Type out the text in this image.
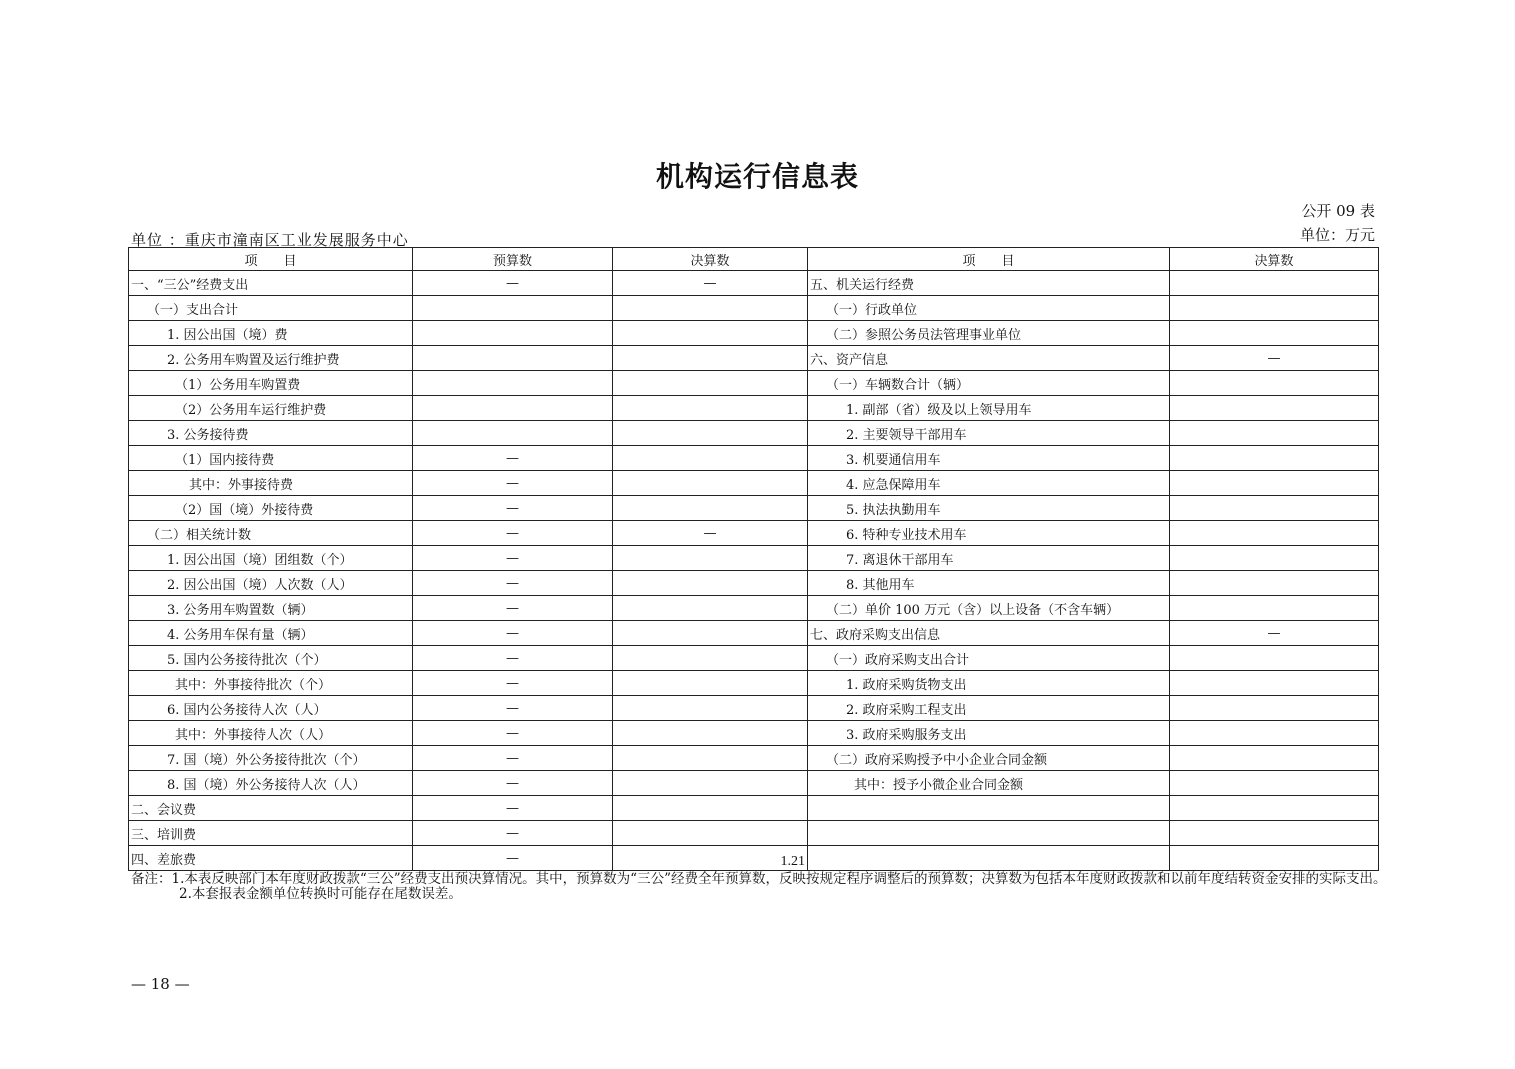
机构运行信息表
公开 09 表
单位：万元
单位 ：重庆市潼南区工业发展服务中心
项　　目	预算数	决算数	项　　目	决算数
一、“三公”经费支出	—	—	五、机关运行经费	
（一）支出合计			（一）行政单位	
1. 因公出国（境）费			（二）参照公务员法管理事业单位	
2. 公务用车购置及运行维护费			六、资产信息	—
（1）公务用车购置费			（一）车辆数合计（辆）	
（2）公务用车运行维护费			1. 副部（省）级及以上领导用车	
3. 公务接待费			2. 主要领导干部用车	
（1）国内接待费	—		3. 机要通信用车	
其中：外事接待费	—		4. 应急保障用车	
（2）国（境）外接待费	—		5. 执法执勤用车	
（二）相关统计数	—	—	6. 特种专业技术用车	
1. 因公出国（境）团组数（个）	—		7. 离退休干部用车	
2. 因公出国（境）人次数（人）	—		8. 其他用车	
3. 公务用车购置数（辆）	—		（二）单价 100 万元（含）以上设备（不含车辆）	
4. 公务用车保有量（辆）	—		七、政府采购支出信息	—
5. 国内公务接待批次（个）	—		（一）政府采购支出合计	
其中：外事接待批次（个）	—		1. 政府采购货物支出	
6. 国内公务接待人次（人）	—		2. 政府采购工程支出	
其中：外事接待人次（人）	—		3. 政府采购服务支出	
7. 国（境）外公务接待批次（个）	—		（二）政府采购授予中小企业合同金额	
8. 国（境）外公务接待人次（人）	—		其中：授予小微企业合同金额	
二、会议费	—			
三、培训费	—			
四、差旅费	—	1.21		
备注：1.本表反映部门本年度财政拨款“三公”经费支出预决算情况。其中，预算数为“三公”经费全年预算数，反映按规定程序调整后的预算数；决算数为包括本年度财政拨款和以前年度结转资金安排的实际支出。
2.本套报表金额单位转换时可能存在尾数误差。
— 18 —
